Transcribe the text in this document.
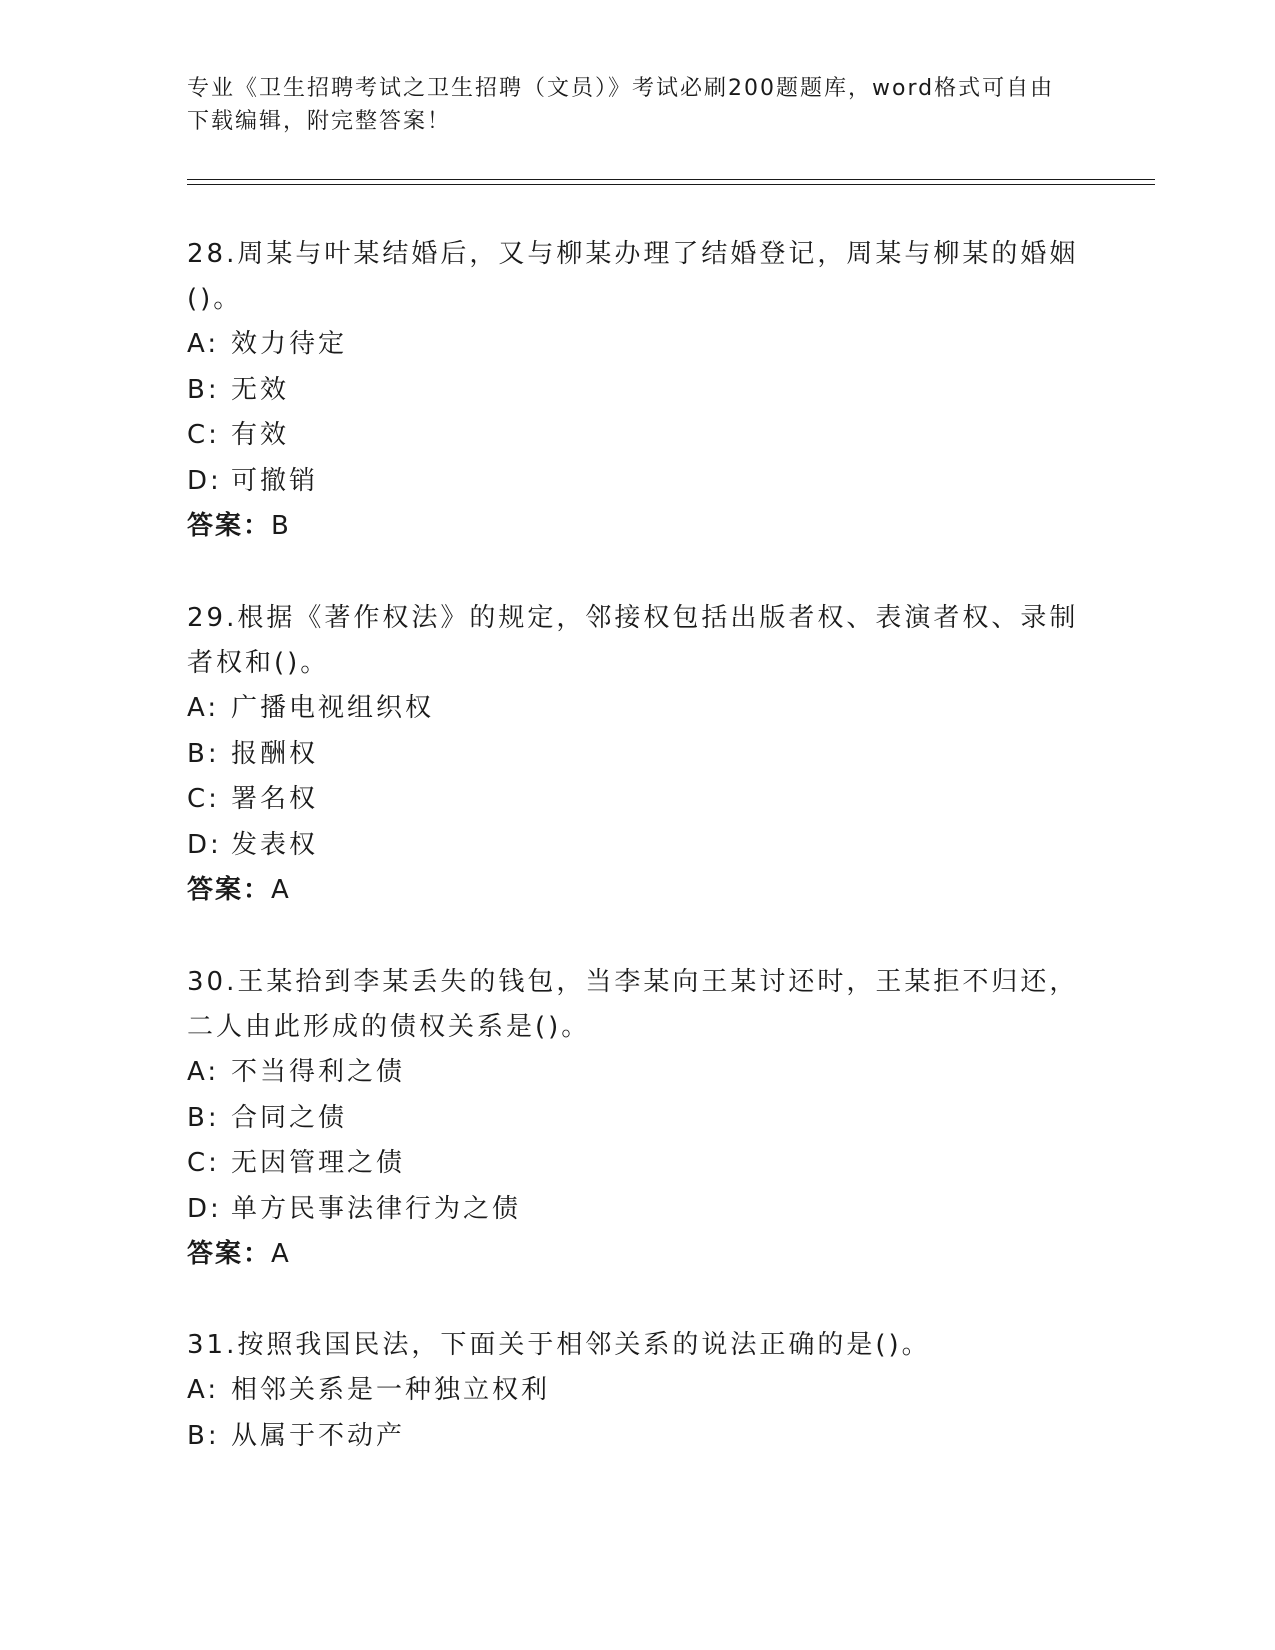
专业《卫生招聘考试之卫生招聘（文员）》考试必刷200题题库，word格式可自由下载编辑，附完整答案！

28.周某与叶某结婚后，又与柳某办理了结婚登记，周某与柳某的婚姻()。

A: 效力待定

B: 无效

C: 有效

D: 可撤销

答案：B

29.根据《著作权法》的规定，邻接权包括出版者权、表演者权、录制者权和()。

A: 广播电视组织权

B: 报酬权

C: 署名权

D: 发表权

答案：A

30.王某拾到李某丢失的钱包，当李某向王某讨还时，王某拒不归还，二人由此形成的债权关系是()。

A: 不当得利之债

B: 合同之债

C: 无因管理之债

D: 单方民事法律行为之债

答案：A

31.按照我国民法，下面关于相邻关系的说法正确的是()。

A: 相邻关系是一种独立权利

B: 从属于不动产
